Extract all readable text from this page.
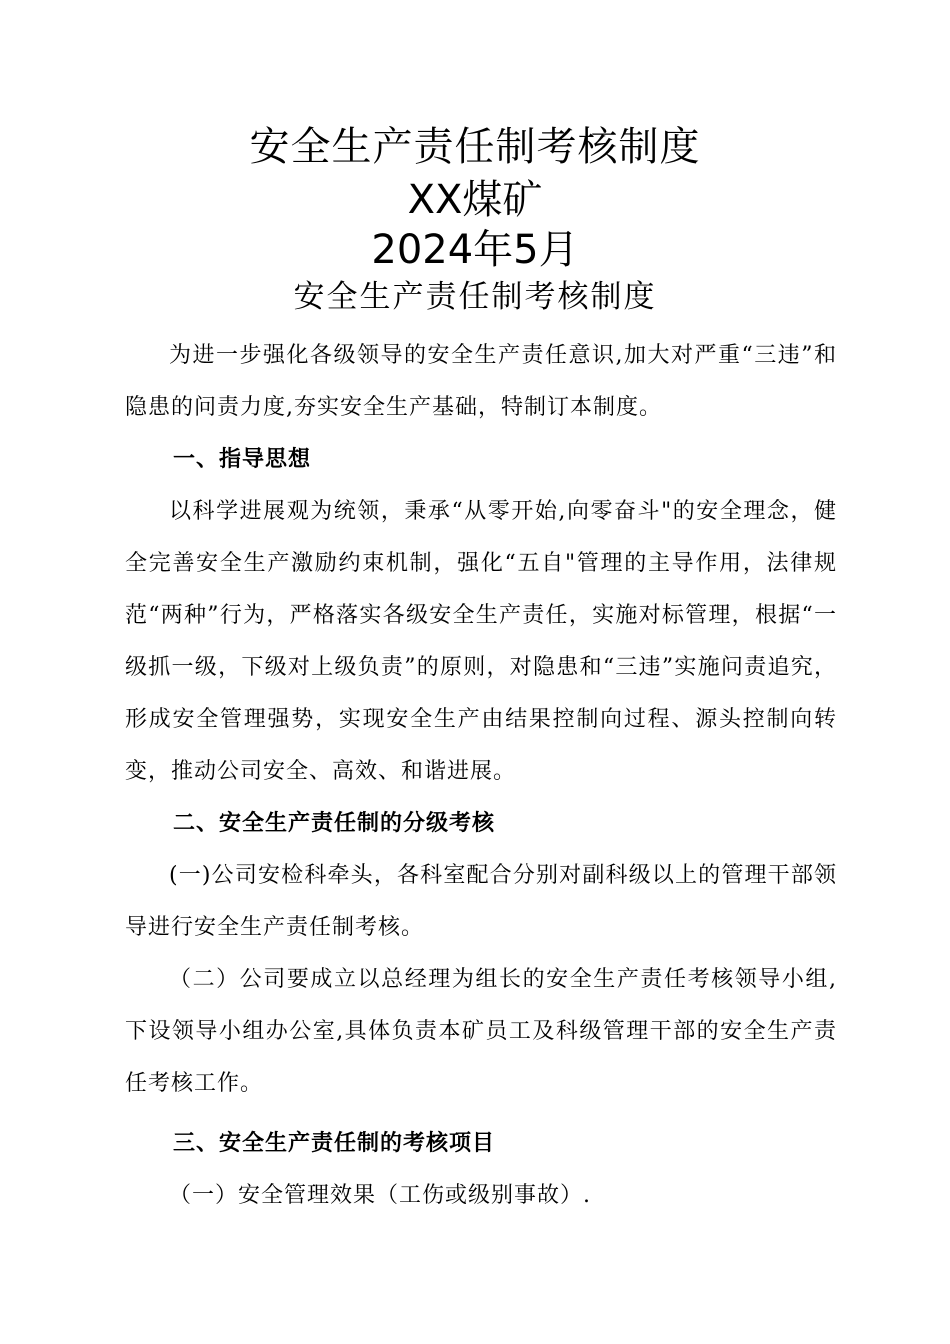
安全生产责任制考核制度
XX煤矿
2024年5月
安全生产责任制考核制度

为进一步强化各级领导的安全生产责任意识,加大对严重“三违”和隐患的问责力度,夯实安全生产基础，特制订本制度。

一、指导思想

以科学进展观为统领，秉承“从零开始,向零奋斗"的安全理念，健全完善安全生产激励约束机制，强化“五自"管理的主导作用，法律规范“两种”行为，严格落实各级安全生产责任，实施对标管理，根据“一级抓一级，下级对上级负责”的原则，对隐患和“三违”实施问责追究，形成安全管理强势，实现安全生产由结果控制向过程、源头控制向转变，推动公司安全、高效、和谐进展。

二、安全生产责任制的分级考核

(一)公司安检科牵头，各科室配合分别对副科级以上的管理干部领导进行安全生产责任制考核。

（二）公司要成立以总经理为组长的安全生产责任考核领导小组,下设领导小组办公室,具体负责本矿员工及科级管理干部的安全生产责任考核工作。

三、安全生产责任制的考核项目

（一）安全管理效果（工伤或级别事故）.
